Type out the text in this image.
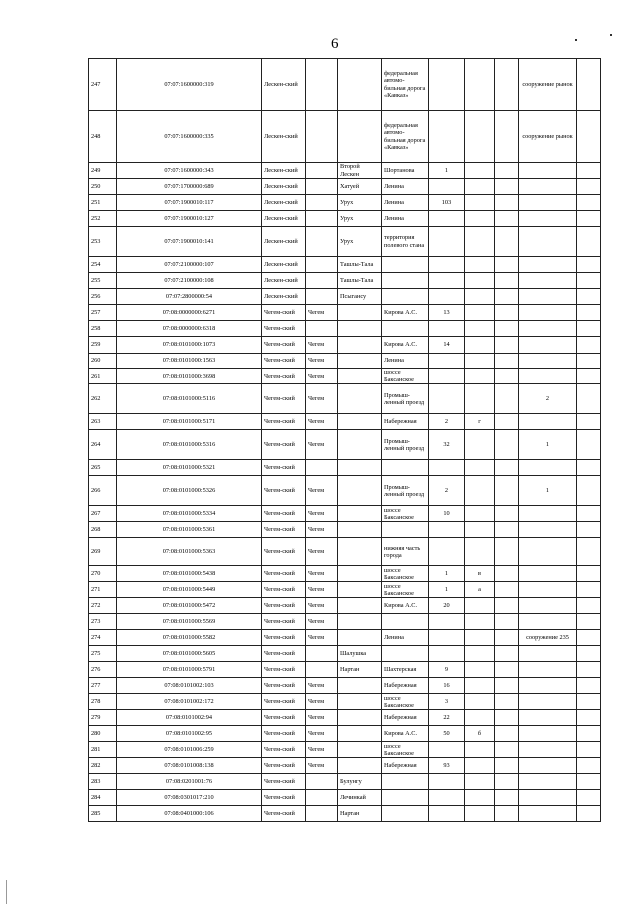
6
247	07:07:1600000:319	Лескен-ский			федеральная автомо-бильная дорога «Кавказ»				сооружение рынок	
248	07:07:1600000:335	Лескен-ский			федеральная автомо-бильная дорога «Кавказ»				сооружение рынок	
249	07:07:1600000:343	Лескен-ский		Второй Лескен	Шортанова	1				
250	07:07:1700000:689	Лескен-ский		Хатуей	Ленина					
251	07:07:1900010:117	Лескен-ский		Урух	Ленина	103				
252	07:07:1900010:127	Лескен-ский		Урух	Ленина					
253	07:07:1900010:141	Лескен-ский		Урух	территория полевого стана					
254	07:07:2100000:107	Лескен-ский		Ташлы-Тала						
255	07:07:2100000:108	Лескен-ский		Ташлы-Тала						
256	07:07:2800000:54	Лескен-ский		Псыгансу						
257	07:08:0000000:6271	Чегем-ский	Чегем		Кирова А.С.	13				
258	07:08:0000000:6318	Чегем-ский								
259	07:08:0101000:1073	Чегем-ский	Чегем		Кирова А.С.	14				
260	07:08:0101000:1563	Чегем-ский	Чегем		Ленина					
261	07:08:0101000:3698	Чегем-ский	Чегем		шоссе Баксанское					
262	07:08:0101000:5116	Чегем-ский	Чегем		Промыш-ленный проезд				2	
263	07:08:0101000:5171	Чегем-ский	Чегем		Набережная	2	г			
264	07:08:0101000:5316	Чегем-ский	Чегем		Промыш-ленный проезд	32			1	
265	07:08:0101000:5321	Чегем-ский								
266	07:08:0101000:5326	Чегем-ский	Чегем		Промыш-ленный проезд	2			1	
267	07:08:0101000:5334	Чегем-ский	Чегем		шоссе Баксанское	10				
268	07:08:0101000:5361	Чегем-ский	Чегем							
269	07:08:0101000:5363	Чегем-ский	Чегем		нижняя часть города					
270	07:08:0101000:5438	Чегем-ский	Чегем		шоссе Баксанское	1	в			
271	07:08:0101000:5449	Чегем-ский	Чегем		шоссе Баксанское	1	а			
272	07:08:0101000:5472	Чегем-ский	Чегем		Кирова А.С.	20				
273	07:08:0101000:5569	Чегем-ский	Чегем							
274	07:08:0101000:5582	Чегем-ский	Чегем		Ленина				сооружение 235	
275	07:08:0101000:5605	Чегем-ский		Шалушка						
276	07:08:0101000:5791	Чегем-ский		Нартан	Шахтерская	9				
277	07:08:0101002:103	Чегем-ский	Чегем		Набережная	16				
278	07:08:0101002:172	Чегем-ский	Чегем		шоссе Баксанское	3				
279	07:08:0101002:94	Чегем-ский	Чегем		Набережная	22				
280	07:08:0101002:95	Чегем-ский	Чегем		Кирова А.С.	50	б			
281	07:08:0101006:259	Чегем-ский	Чегем		шоссе Баксанское					
282	07:08:0101008:138	Чегем-ский	Чегем		Набережная	93				
283	07:08:0201001:76	Чегем-ский		Булунгу						
284	07:08:0301017:210	Чегем-ский		Лечинкай						
285	07:08:0401000:106	Чегем-ский		Нартан						
